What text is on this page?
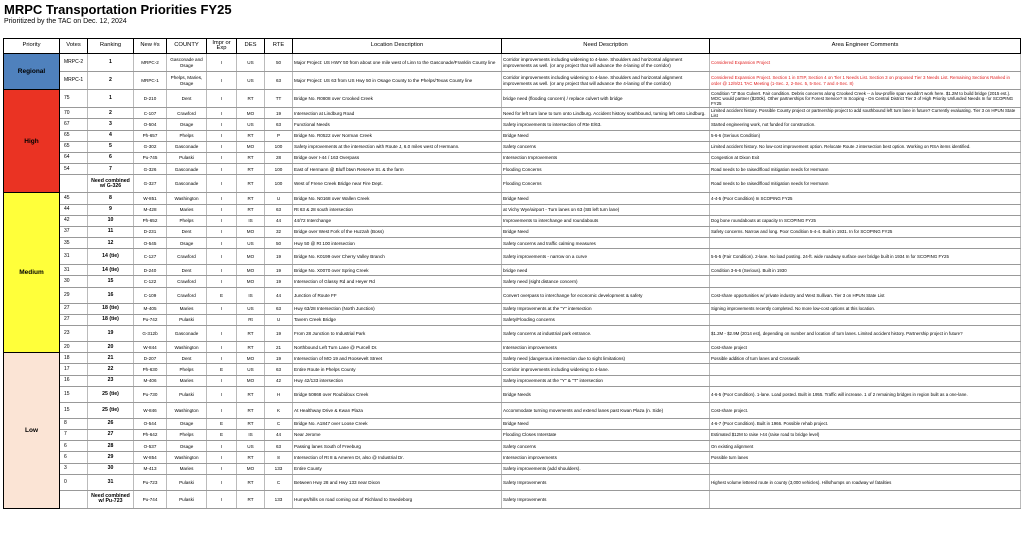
MRPC Transportation Priorities FY25
Prioritized by the TAC on Dec. 12, 2024
Priority	Votes	Ranking	New #s	COUNTY	Impr or Exp	DES	RTE	Location Description	Need Description	Area Engineer Comments
Regional	MRPC-2	1	MRPC-2	Gasconade and Osage	I	US	50	Major Project: US HWY 50 from about one mile west of Linn to the Gasconade/Franklin County line	Corridor improvements including widening to 4-lane. Shoulders and horizontal alignment improvements as well. (or any project that will advance the 4-laning of the corridor)	Considered Expansion Project
	MRPC-1	2	MRPC-1	Phelps, Maries, Osage	I	US	63	Major Project: US 63 from US Hwy 50 in Osage County to the Phelps/Texas County line	Corridor improvements including widening to 4-lane. Shoulders and horizontal alignment improvements as well. (or any project that will advance the 4-laning of the corridor)	Considered Expansion Project. Section 1 in STIP, Section 4 on Tier 1 Needs List. Section 3 on proposed Tier 3 Needs List. Remaining Sections Ranked in order @ 12/9/21 TAC Meeting (1-Sec. 2, 2-Sec. 5, 5-Sec. 7 and 4-Sec. 8)
High	75	1	D-210	Dent	I	RT	TT	Bridge No. R0808 over Crooked Creek	bridge need (flooding concern) / replace culvert with bridge	Condition "3" Box Culvert. Fair condition. Debris concerns along Crooked Creek -- a low-profile span wouldn't work here. $1.2M to build bridge (2015 est.). MOC would partner ($200k). Other partnerships for Forest Service? In Scoping - On Central District Tier 3 of High Priority Unfunded Needs In for SCOPING FY25
	70	2	C-107	Crawford	I	MO	19	Intersection at Lindburg Road	Need for left turn lane to turn onto Lindburg. Accident history southbound, turning left onto Lindburg.	Limited accident history. Possible County project or partnership project to add southbound left turn lane in future? Currently evaluating. Tier 3 on HPUN State List
	67	3	O-504	Osage	I	US	63	Functional Needs	Safety improvements to intersection of Rte E/63.	Started engineering work, not funded for construction.
	65	4	Ph-657	Phelps	I	RT	P	Bridge No. R0522 over Norman Creek	Bridge Need	5-6-6 (Serious Condition)
	65	5	G-302	Gasconade	I	MO	100	Safety improvements at the intersection with Route J, 6.0 miles west of Hermann.	Safety concerns	Limited accident history. No low-cost improvement option. Relocate Route J intersection best option. Working on RSA items identified.
	64	6	Pu-745	Pulaski	I	RT	28	Bridge over I-44 / 163 Overpass	Intersection Improvements	Congestion at Dixon Exit
	54	7	G-326	Gasconade	I	RT	100	East of Hermann @ Bluff btwn Reserve St. & the farm	Flooding Concerns	Road needs to be raised/flood mitigation needs for Hermann
		Need combined w/ G-326	G-327	Gasconade	I	RT	100	West of Frene Creek Bridge near Fire Dept.	Flooding Concerns	Road needs to be raised/flood mitigation needs for Hermann
Medium	45	8	W-851	Washington	I	RT	U	Bridge No. N0168 over Wallen Creek	Bridge Need	4-4-5 (Poor Condition) In SCOPING FY25
	44	9	M-428	Maries	I	RT	63	Rt 63 & 28 south intersection	at Vichy Wye/airport - Turn lanes on 63 (SB left turn lane)	
	42	10	Ph-652	Phelps	I	IS	44	44/72 Interchange	Improvements to interchange and roundabouts	Dog bone roundabouts at capacity In SCOPING FY25
	37	11	D-231	Dent	I	MO	32	Bridge over West Fork of the Huzzah (Boss)	Bridge Need	Safety concerns. Narrow and long. Poor Condition 5-4-4. Built in 1931. In for SCOPING FY25
	35	12	O-545	Osage	I	US	50	Hwy 50 @ Rt 100 intersection	Safety concerns and traffic calming measures	
	31	14 (tie)	C-127	Crawford	I	MO	19	Bridge No. K0199 over Cherry Valley Branch	Safety improvements - narrow on a curve	5-5-5 (Fair Condition). 2-lane. No load posting. 24-ft. wide roadway surface over bridge built in 1934 In for SCOPING FY25
	31	14 (tie)	D-240	Dent	I	MO	19	Bridge No. X0070 over Spring Creek	bridge need	Condition 3-6-6 (Serious). Built in 1930
	30	15	C-122	Crawford	I	MO	19	Intersection of Glassy Rd and Heyer Rd	Safety need (sight distance concern)	
	29	16	C-109	Crawford	E	IS	44	Junction of Route FF	Convert overpass to interchange for economic development & safety	Cost-share opportunities w/ private industry and West Sullivan. Tier 3 on HPUN State List
	27	18 (tie)	M-405	Maries	I	US	63	Hwy 63/28 Intersection (North Junction)	Safety Improvements at the "Y" intersection	Signing improvements recently completed. No more low-cost options at this location.
	27	18 (tie)	Pu-742	Pulaski		Rt	U	Tavern Creek Bridge	Safety/Flooding concerns	
	23	19	G-312b	Gasconade	I	RT	19	From 28 Junction to Industrial Park	Safety concerns at industrial park entrance.	$1.2M - $2.9M (2014 est), depending on number and location of turn lanes. Limited accident history. Partnership project in future?
	20	20	W-844	Washington	I	RT	21	Northbound Left Turn Lane @ Purcell Dr.	Intersection improvements	Cost-share project
Low	18	21	D-207	Dent	I	MO	19	Intersection of MO 19 and Roosevelt Street	Safety need (dangerous intersection due to sight limitations)	Possible addition of turn lanes and Crosswalk
	17	22	Ph-630	Phelps	E	US	63	Entire Route in Phelps County	Corridor improvements including widening to 4-lane.	
	16	23	M-406	Maries	I	MO	42	Hwy 42/133 intersection	Safety improvements at the "Y" & "T" intersection	
	15	25 (tie)	Pu-730	Pulaski	I	RT	H	Bridge 50868 over Roubidoux Creek	Bridge Needs	4-6-5 (Poor Condition). 1-lane. Load posted. Built in 1955. Traffic will increase. 1 of 2 remaining bridges in region built as a one-lane.
	15	25 (tie)	W-846	Washington	I	RT	K	At Healthway Drive & Kwan Plaza	Accommodate turning movements and extend lanes past Kwan Plaza (n. Side)	Cost-share project.
	8	26	O-544	Osage	E	RT	C	Bridge No. A1847 over Loose Creek	Bridge Need	4-6-7 (Poor Condition). Built in 1966. Possible rehab project.
	7	27	Ph-642	Phelps	E	IS	44	Near Jerome	Flooding Closes Interstate	Estimated $12M to raise I-44 (raise road to bridge level)
	6	28	O-537	Osage	I	US	63	Passing lanes South of Freeburg	Safety concerns	On existing alignment
	6	29	W-854	Washington	I	RT	8	Intersection of Rt 8 & Ameren Dr, also @ Industrial Dr.	Intersection improvements	Possible turn lanes
	3	30	M-413	Maries	I	MO	133	Entire County	Safety improvements (add shoulders).	
	0	31	Pu-723	Pulaski	I	RT	C	Between Hwy 28 and Hwy 133 near Dixon	Safety Improvements	Highest volume lettered route in county (3,000 vehicles). Hills/humps on roadway w/ fatalities
		Need combined w/ Pu-723	Pu-744	Pulaski	I	RT	133	Humps/hills on road coming out of Richland to Swedeborg	Safety Improvements	
